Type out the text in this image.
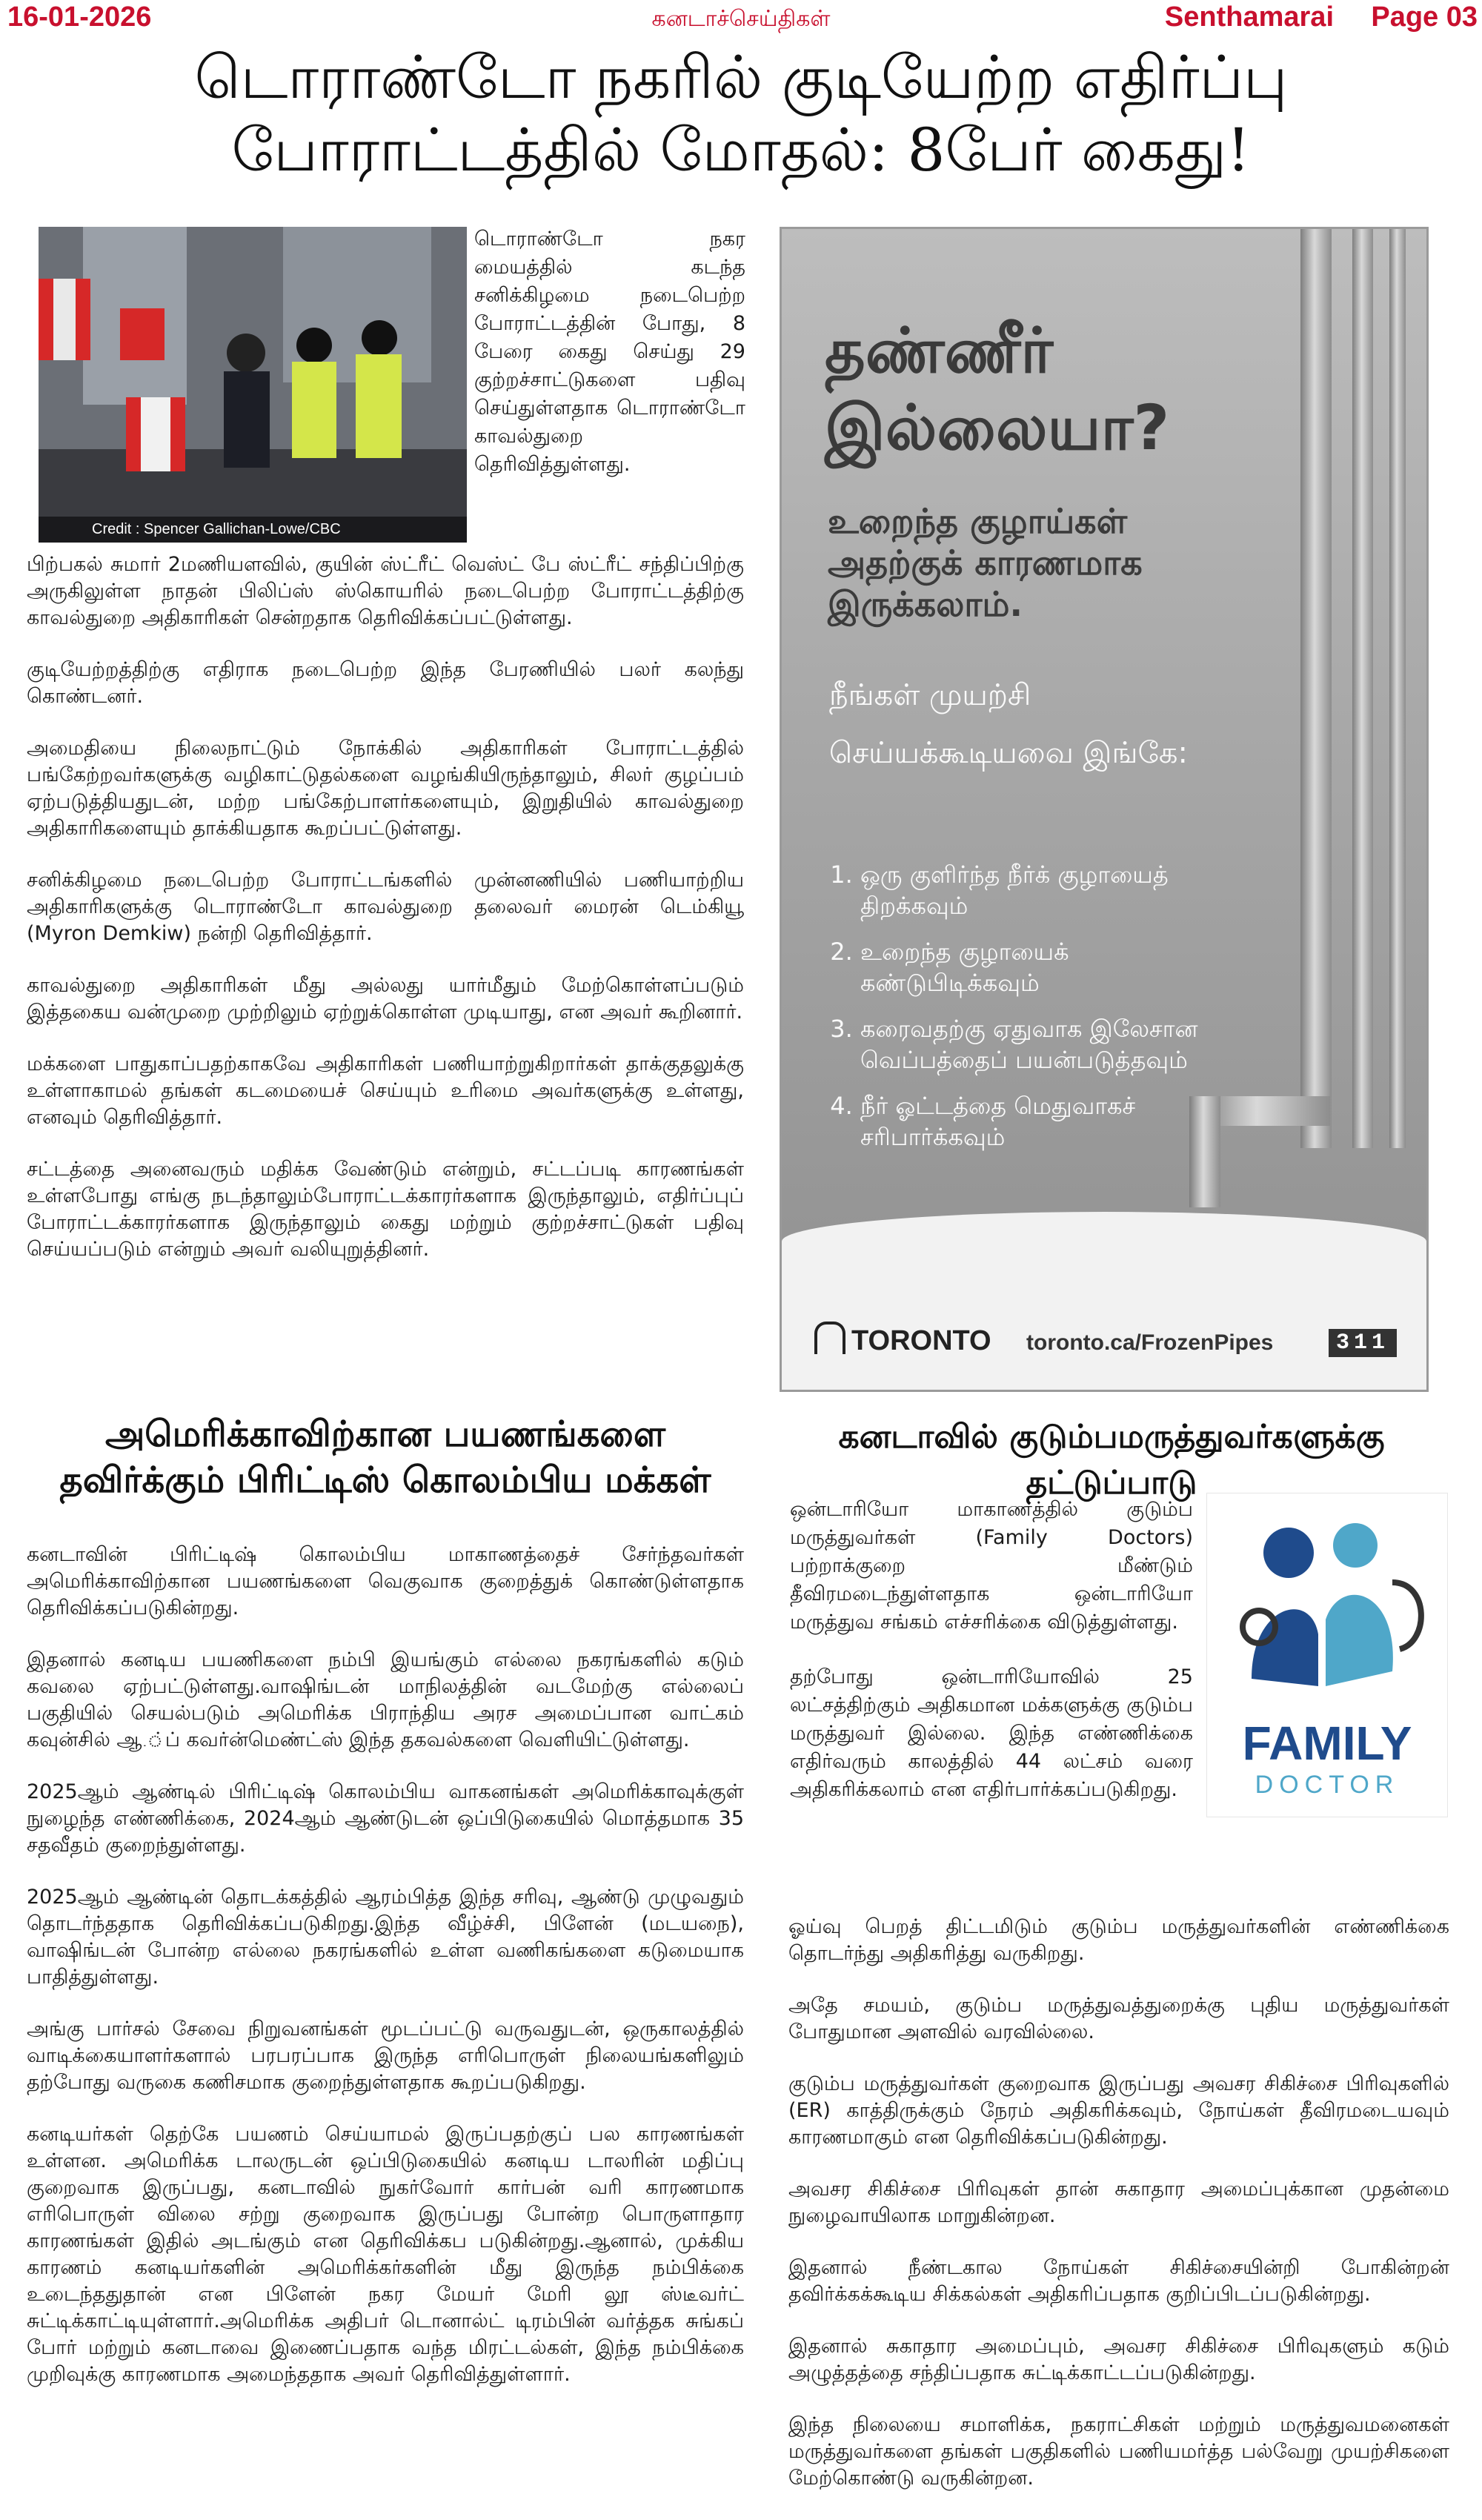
16-01-2026	கனடாச்செய்திகள்	Senthamarai Page 03
டொராண்டோ நகரில் குடியேற்ற எதிர்ப்பு
போராட்டத்தில் மோதல்: 8பேர் கைது!
Credit : Spencer Gallichan-Lowe/CBC
டொராண்டோ நகர மையத்தில் கடந்த சனிக்கிழமை நடைபெற்ற போராட்டத்தின் போது, 8 பேரை கைது செய்து 29 குற்றச்சாட்டுகளை பதிவு செய்துள்ளதாக டொராண்டோ காவல்துறை தெரிவித்துள்ளது.

பிற்பகல் சுமார் 2மணியளவில், குயின் ஸ்ட்ரீட் வெஸ்ட் பே ஸ்ட்ரீட் சந்திப்பிற்கு அருகிலுள்ள நாதன் பிலிப்ஸ் ஸ்கொயரில் நடைபெற்ற போராட்டத்திற்கு காவல்துறை அதிகாரிகள் சென்றதாக தெரிவிக்கப்பட்டுள்ளது.

குடியேற்றத்திற்கு எதிராக நடைபெற்ற இந்த பேரணியில் பலர் கலந்து கொண்டனர்.

அமைதியை நிலைநாட்டும் நோக்கில் அதிகாரிகள் போராட்டத்தில் பங்கேற்றவர்களுக்கு வழிகாட்டுதல்களை வழங்கியிருந்தாலும், சிலர் குழப்பம் ஏற்படுத்தியதுடன், மற்ற பங்கேற்பாளர்களையும், இறுதியில் காவல்துறை அதிகாரிகளையும் தாக்கியதாக கூறப்பட்டுள்ளது.

சனிக்கிழமை நடைபெற்ற போராட்டங்களில் முன்னணியில் பணியாற்றிய அதிகாரிகளுக்கு டொராண்டோ காவல்துறை தலைவர் மைரன் டெம்கியூ (Myron Demkiw) நன்றி தெரிவித்தார்.

காவல்துறை அதிகாரிகள் மீது அல்லது யார்மீதும் மேற்கொள்ளப்படும் இத்தகைய வன்முறை முற்றிலும் ஏற்றுக்கொள்ள முடியாது, என அவர் கூறினார்.

மக்களை பாதுகாப்பதற்காகவே அதிகாரிகள் பணியாற்றுகிறார்கள் தாக்குதலுக்கு உள்ளாகாமல் தங்கள் கடமையைச் செய்யும் உரிமை அவர்களுக்கு உள்ளது, எனவும் தெரிவித்தார்.

சட்டத்தை அனைவரும் மதிக்க வேண்டும் என்றும், சட்டப்படி காரணங்கள் உள்ளபோது எங்கு நடந்தாலும்போராட்டக்காரர்களாக இருந்தாலும், எதிர்ப்புப் போராட்டக்காரர்களாக இருந்தாலும் கைது மற்றும் குற்றச்சாட்டுகள் பதிவு செய்யப்படும் என்றும் அவர் வலியுறுத்தினர்.

தண்ணீர் இல்லையா?
உறைந்த குழாய்கள் அதற்குக் காரணமாக இருக்கலாம்.
நீங்கள் முயற்சி செய்யக்கூடியவை இங்கே:
1. ஒரு குளிர்ந்த நீர்க் குழாயைத் திறக்கவும்
2. உறைந்த குழாயைக் கண்டுபிடிக்கவும்
3. கரைவதற்கு ஏதுவாக இலேசான வெப்பத்தைப் பயன்படுத்தவும்
4. நீர் ஓட்டத்தை மெதுவாகச் சரிபார்க்கவும்
TORONTO toronto.ca/FrozenPipes	311
அமெரிக்காவிற்கான பயணங்களை
தவிர்க்கும் பிரிட்டிஸ் கொலம்பிய மக்கள்

கனடாவின் பிரிட்டிஷ் கொலம்பிய மாகாணத்தைச் சேர்ந்தவர்கள் அமெரிக்காவிற்கான பயணங்களை வெகுவாக குறைத்துக் கொண்டுள்ளதாக தெரிவிக்கப்படுகின்றது.

இதனால் கனடிய பயணிகளை நம்பி இயங்கும் எல்லை நகரங்களில் கடும் கவலை ஏற்பட்டுள்ளது.வாஷிங்டன் மாநிலத்தின் வடமேற்கு எல்லைப் பகுதியில் செயல்படும் அமெரிக்க பிராந்திய அரச அமைப்பான வாட்கம் கவுன்சில் ஆ.்ப் கவர்ன்மெண்ட்ஸ் இந்த தகவல்களை வெளியிட்டுள்ளது.

2025ஆம் ஆண்டில் பிரிட்டிஷ் கொலம்பிய வாகனங்கள் அமெரிக்காவுக்குள் நுழைந்த எண்ணிக்கை, 2024ஆம் ஆண்டுடன் ஒப்பிடுகையில் மொத்தமாக 35 சதவீதம் குறைந்துள்ளது.

2025ஆம் ஆண்டின் தொடக்கத்தில் ஆரம்பித்த இந்த சரிவு, ஆண்டு முழுவதும் தொடர்ந்ததாக தெரிவிக்கப்படுகிறது.இந்த வீழ்ச்சி, பிளேன் (மடயநை), வாஷிங்டன் போன்ற எல்லை நகரங்களில் உள்ள வணிகங்களை கடுமையாக பாதித்துள்ளது.

அங்கு பார்சல் சேவை நிறுவனங்கள் மூடப்பட்டு வருவதுடன், ஒருகாலத்தில் வாடிக்கையாளர்களால் பரபரப்பாக இருந்த எரிபொருள் நிலையங்களிலும் தற்போது வருகை கணிசமாக குறைந்துள்ளதாக கூறப்படுகிறது.

கனடியர்கள் தெற்கே பயணம் செய்யாமல் இருப்பதற்குப் பல காரணங்கள் உள்ளன. அமெரிக்க டாலருடன் ஒப்பிடுகையில் கனடிய டாலரின் மதிப்பு குறைவாக இருப்பது, கனடாவில் நுகர்வோர் கார்பன் வரி காரணமாக எரிபொருள் விலை சற்று குறைவாக இருப்பது போன்ற பொருளாதார காரணங்கள் இதில் அடங்கும் என தெரிவிக்கப படுகின்றது.ஆனால், முக்கிய காரணம் கனடியர்களின் அமெரிக்கர்களின் மீது இருந்த நம்பிக்கை உடைந்ததுதான் என பிளேன் நகர மேயர் மேரி லூ ஸ்டீவர்ட் சுட்டிக்காட்டியுள்ளார்.அமெரிக்க அதிபர் டொனால்ட் டிரம்பின் வர்த்தக சுங்கப் போர் மற்றும் கனடாவை இணைப்பதாக வந்த மிரட்டல்கள், இந்த நம்பிக்கை முறிவுக்கு காரணமாக அமைந்ததாக அவர் தெரிவித்துள்ளார்.

கனடாவில் குடும்பமருத்துவர்களுக்கு தட்டுப்பாடு
FAMILY
DOCTOR
ஒன்டாரியோ மாகாணத்தில் குடும்ப மருத்துவர்கள் (Family Doctors) பற்றாக்குறை மீண்டும் தீவிரமடைந்துள்ளதாக ஒன்டாரியோ மருத்துவ சங்கம் எச்சரிக்கை விடுத்துள்ளது.
தற்போது ஒன்டாரியோவில் 25 லட்சத்திற்கும் அதிகமான மக்களுக்கு குடும்ப மருத்துவர் இல்லை. இந்த எண்ணிக்கை எதிர்வரும் காலத்தில் 44 லட்சம் வரை அதிகரிக்கலாம் என எதிர்பார்க்கப்படுகிறது.

ஓய்வு பெறத் திட்டமிடும் குடும்ப மருத்துவர்களின் எண்ணிக்கை தொடர்ந்து அதிகரித்து வருகிறது.

அதே சமயம், குடும்ப மருத்துவத்துறைக்கு புதிய மருத்துவர்கள் போதுமான அளவில் வரவில்லை.

குடும்ப மருத்துவர்கள் குறைவாக இருப்பது அவசர சிகிச்சை பிரிவுகளில் (ER) காத்திருக்கும் நேரம் அதிகரிக்கவும், நோய்கள் தீவிரமடையவும் காரணமாகும் என தெரிவிக்கப்படுகின்றது.

அவசர சிகிச்சை பிரிவுகள் தான் சுகாதார அமைப்புக்கான முதன்மை நுழைவாயிலாக மாறுகின்றன.

இதனால் நீண்டகால நோய்கள் சிகிச்சையின்றி போகின்றன் தவிர்க்கக்கூடிய சிக்கல்கள் அதிகரிப்பதாக குறிப்பிடப்படுகின்றது.

இதனால் சுகாதார அமைப்பும், அவசர சிகிச்சை பிரிவுகளும் கடும் அழுத்தத்தை சந்திப்பதாக சுட்டிக்காட்டப்படுகின்றது.

இந்த நிலையை சமாளிக்க, நகராட்சிகள் மற்றும் மருத்துவமனைகள் மருத்துவர்களை தங்கள் பகுதிகளில் பணியமர்த்த பல்வேறு முயற்சிகளை மேற்கொண்டு வருகின்றன.
